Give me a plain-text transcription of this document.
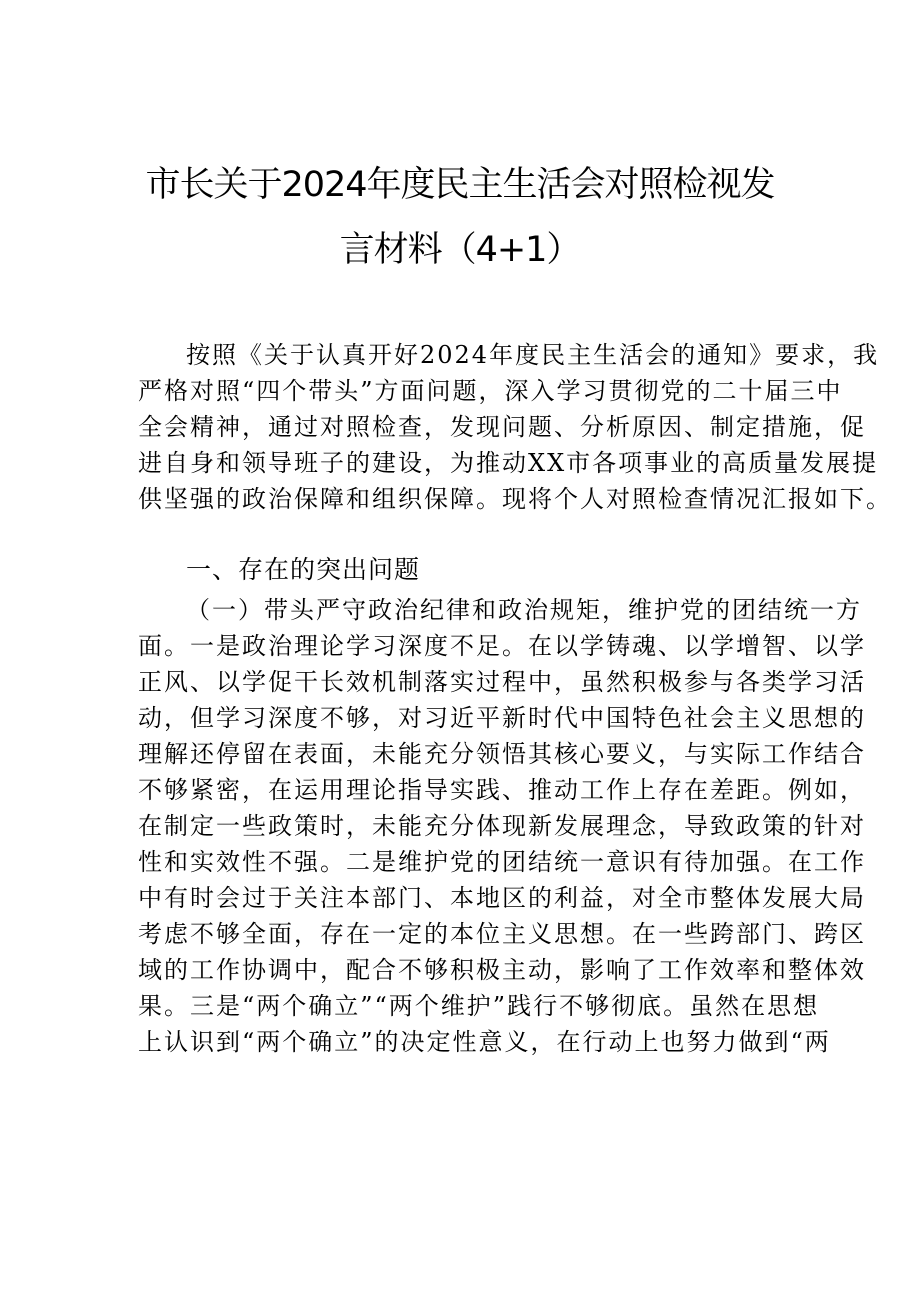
市长关于2024年度民主生活会对照检视发
言材料（4+1）
按照《关于认真开好2024年度民主生活会的通知》要求，我
严格对照“四个带头”方面问题，深入学习贯彻党的二十届三中
全会精神，通过对照检查，发现问题、分析原因、制定措施，促
进自身和领导班子的建设，为推动XX市各项事业的高质量发展提
供坚强的政治保障和组织保障。现将个人对照检查情况汇报如下。
一、存在的突出问题
（一）带头严守政治纪律和政治规矩，维护党的团结统一方
面。一是政治理论学习深度不足。在以学铸魂、以学增智、以学
正风、以学促干长效机制落实过程中，虽然积极参与各类学习活
动，但学习深度不够，对习近平新时代中国特色社会主义思想的
理解还停留在表面，未能充分领悟其核心要义，与实际工作结合
不够紧密，在运用理论指导实践、推动工作上存在差距。例如，
在制定一些政策时，未能充分体现新发展理念，导致政策的针对
性和实效性不强。二是维护党的团结统一意识有待加强。在工作
中有时会过于关注本部门、本地区的利益，对全市整体发展大局
考虑不够全面，存在一定的本位主义思想。在一些跨部门、跨区
域的工作协调中，配合不够积极主动，影响了工作效率和整体效
果。三是“两个确立”“两个维护”践行不够彻底。虽然在思想
上认识到“两个确立”的决定性意义，在行动上也努力做到“两
